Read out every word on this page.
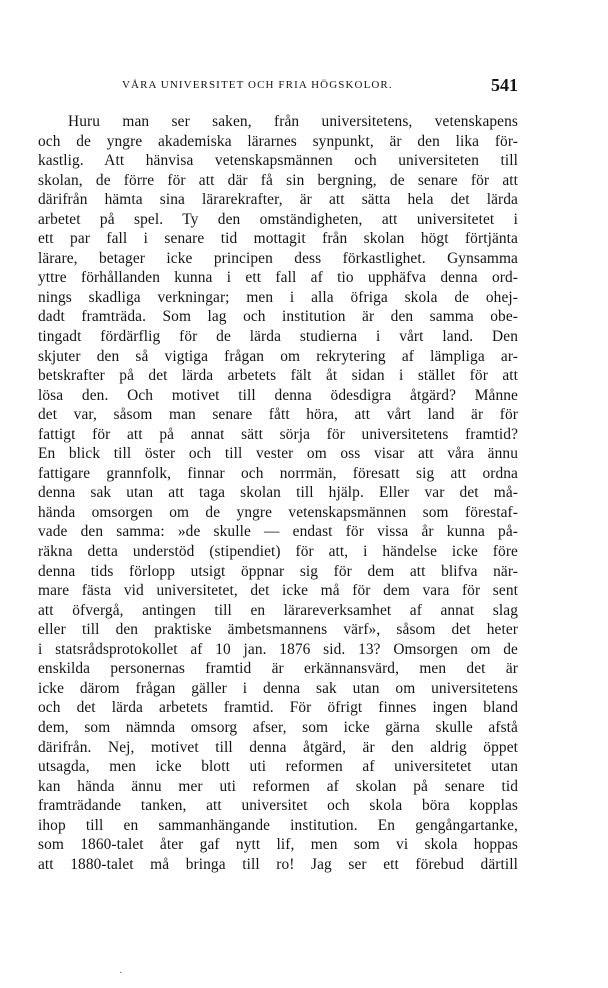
VÅRA UNIVERSITET OCH FRIA HÖGSKOLOR.	541
Huru man ser saken, från universitetens, vetenskapens
och de yngre akademiska lärarnes synpunkt, är den lika för-
kastlig. Att hänvisa vetenskapsmännen och universiteten till
skolan, de förre för att där få sin bergning, de senare för att
därifrån hämta sina lärarekrafter, är att sätta hela det lärda
arbetet på spel. Ty den omständigheten, att universitetet i
ett par fall i senare tid mottagit från skolan högt förtjänta
lärare, betager icke principen dess förkastlighet. Gynsamma
yttre förhållanden kunna i ett fall af tio upphäfva denna ord-
nings skadliga verkningar; men i alla öfriga skola de ohej-
dadt framträda. Som lag och institution är den samma obe-
tingadt fördärflig för de lärda studierna i vårt land. Den
skjuter den så vigtiga frågan om rekrytering af lämpliga ar-
betskrafter på det lärda arbetets fält åt sidan i stället för att
lösa den. Och motivet till denna ödesdigra åtgärd? Månne
det var, såsom man senare fått höra, att vårt land är för
fattigt för att på annat sätt sörja för universitetens framtid?
En blick till öster och till vester om oss visar att våra ännu
fattigare grannfolk, finnar och norrmän, föresatt sig att ordna
denna sak utan att taga skolan till hjälp. Eller var det må-
hända omsorgen om de yngre vetenskapsmännen som förestaf-
vade den samma: »de skulle — endast för vissa år kunna på-
räkna detta understöd (stipendiet) för att, i händelse icke före
denna tids förlopp utsigt öppnar sig för dem att blifva när-
mare fästa vid universitetet, det icke må för dem vara för sent
att öfvergå, antingen till en lärareverksamhet af annat slag
eller till den praktiske ämbetsmannens värf», såsom det heter
i statsrådsprotokollet af 10 jan. 1876 sid. 13? Omsorgen om de
enskilda personernas framtid är erkännansvärd, men det är
icke därom frågan gäller i denna sak utan om universitetens
och det lärda arbetets framtid. För öfrigt finnes ingen bland
dem, som nämnda omsorg afser, som icke gärna skulle afstå
därifrån. Nej, motivet till denna åtgärd, är den aldrig öppet
utsagda, men icke blott uti reformen af universitetet utan
kan hända ännu mer uti reformen af skolan på senare tid
framträdande tanken, att universitet och skola böra kopplas
ihop till en sammanhängande institution. En gengångartanke,
som 1860-talet åter gaf nytt lif, men som vi skola hoppas
att 1880-talet må bringa till ro! Jag ser ett förebud därtill
·
